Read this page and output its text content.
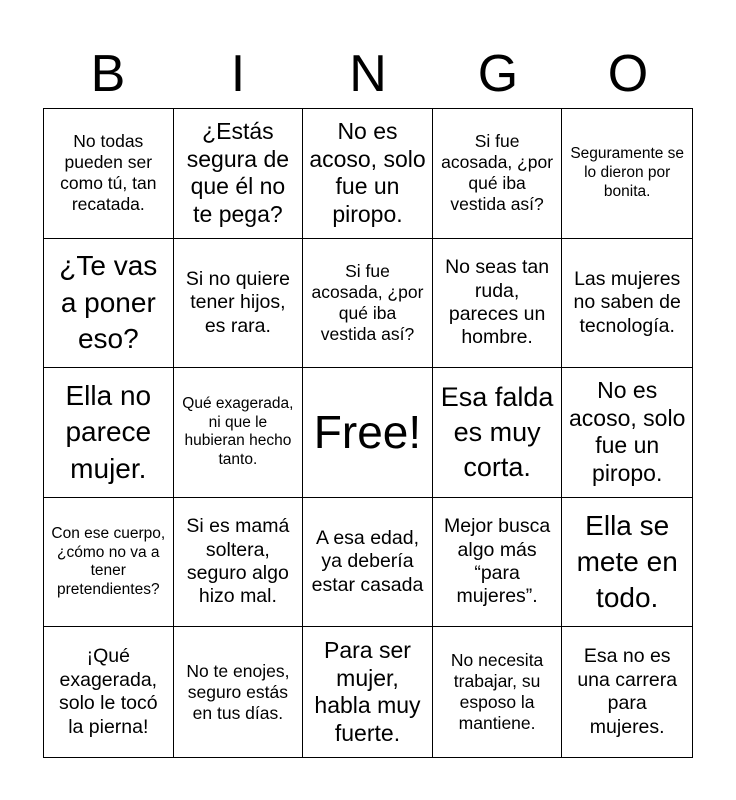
B	I	N	G	O
No todas pueden ser como tú, tan recatada.
¿Estás segura de que él no te pega?
No es acoso, solo fue un piropo.
Si fue acosada, ¿por qué iba vestida así?
Seguramente se lo dieron por bonita.
¿Te vas a poner eso?
Si no quiere tener hijos, es rara.
Si fue acosada, ¿por qué iba vestida así?
No seas tan ruda, pareces un hombre.
Las mujeres no saben de tecnología.
Ella no parece mujer.
Qué exagerada, ni que le hubieran hecho tanto.
Free!
Esa falda es muy corta.
No es acoso, solo fue un piropo.
Con ese cuerpo, ¿cómo no va a tener pretendientes?
Si es mamá soltera, seguro algo hizo mal.
A esa edad, ya debería estar casada
Mejor busca algo más “para mujeres”.
Ella se mete en todo.
¡Qué exagerada, solo le tocó la pierna!
No te enojes, seguro estás en tus días.
Para ser mujer, habla muy fuerte.
No necesita trabajar, su esposo la mantiene.
Esa no es una carrera para mujeres.
